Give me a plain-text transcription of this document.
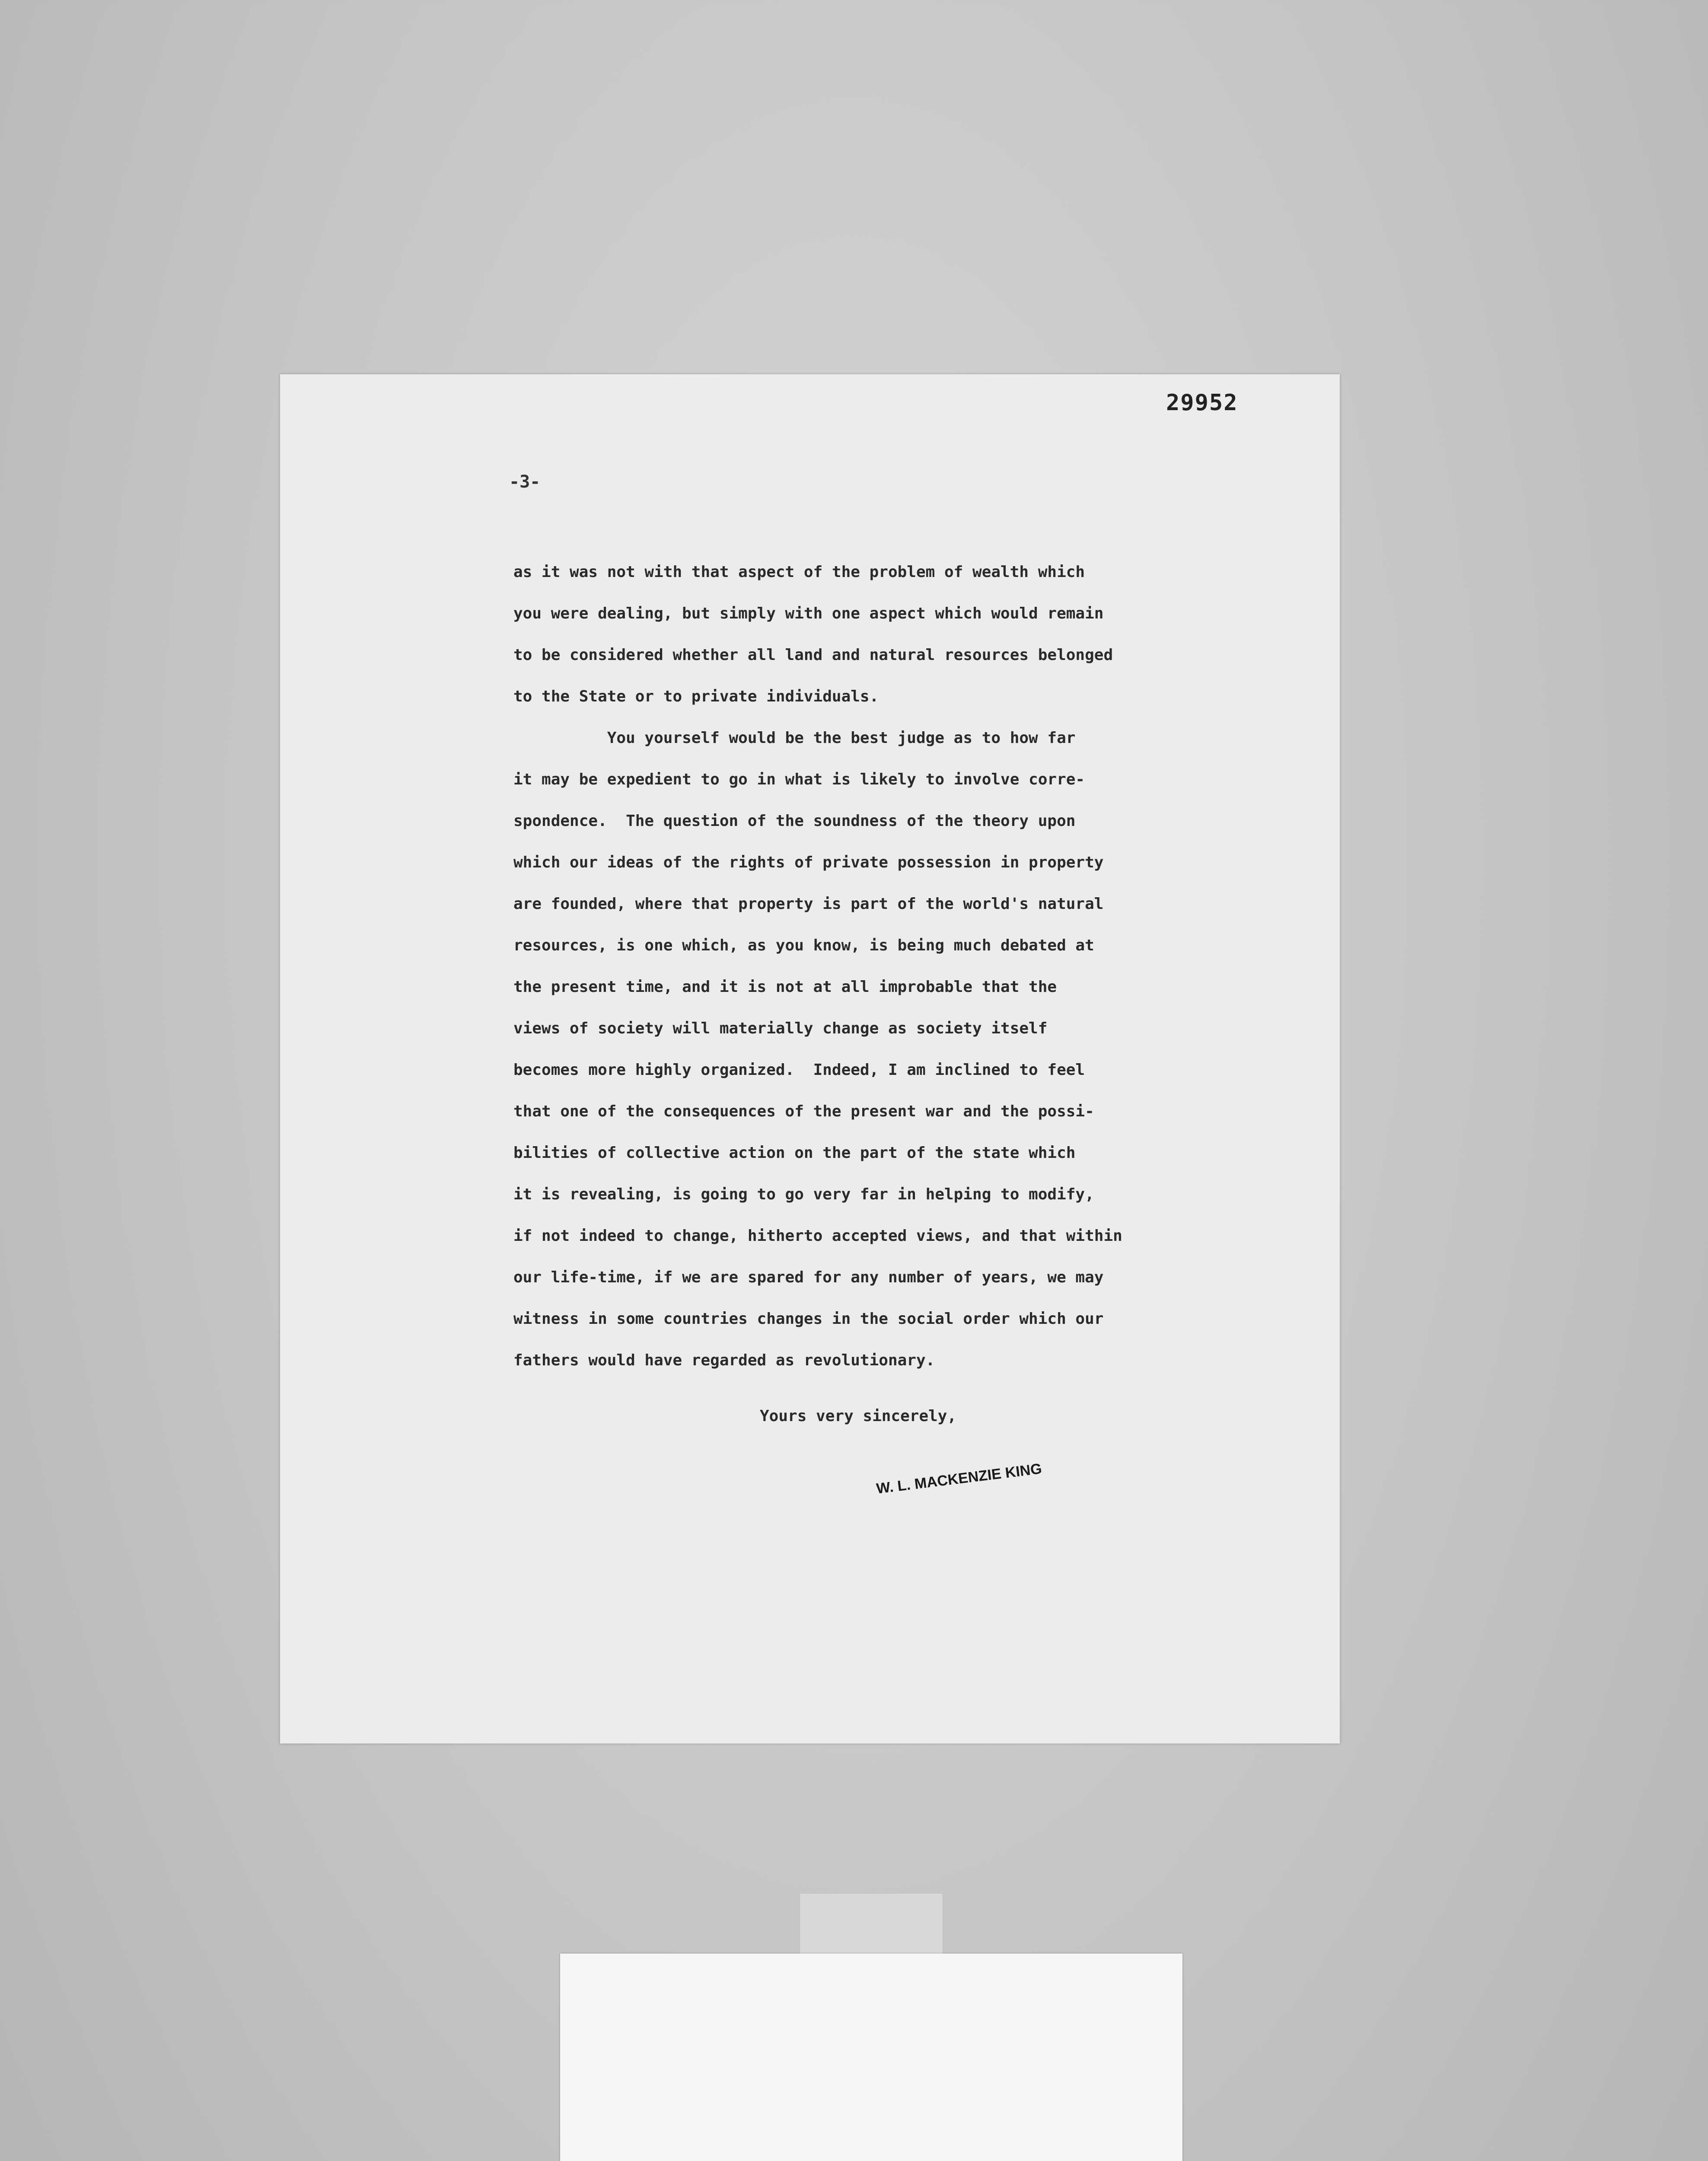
29952

-3-
as it was not with that aspect of the problem of wealth which
you were dealing, but simply with one aspect which would remain
to be considered whether all land and natural resources belonged
to the State or to private individuals.
You yourself would be the best judge as to how far
it may be expedient to go in what is likely to involve corre-
spondence.  The question of the soundness of the theory upon
which our ideas of the rights of private possession in property
are founded, where that property is part of the world's natural
resources, is one which, as you know, is being much debated at
the present time, and it is not at all improbable that the
views of society will materially change as society itself
becomes more highly organized.  Indeed, I am inclined to feel
that one of the consequences of the present war and the possi-
bilities of collective action on the part of the state which
it is revealing, is going to go very far in helping to modify,
if not indeed to change, hitherto accepted views, and that within
our life-time, if we are spared for any number of years, we may
witness in some countries changes in the social order which our
fathers would have regarded as revolutionary.
Yours very sincerely,
W. L. MACKENZIE KING
